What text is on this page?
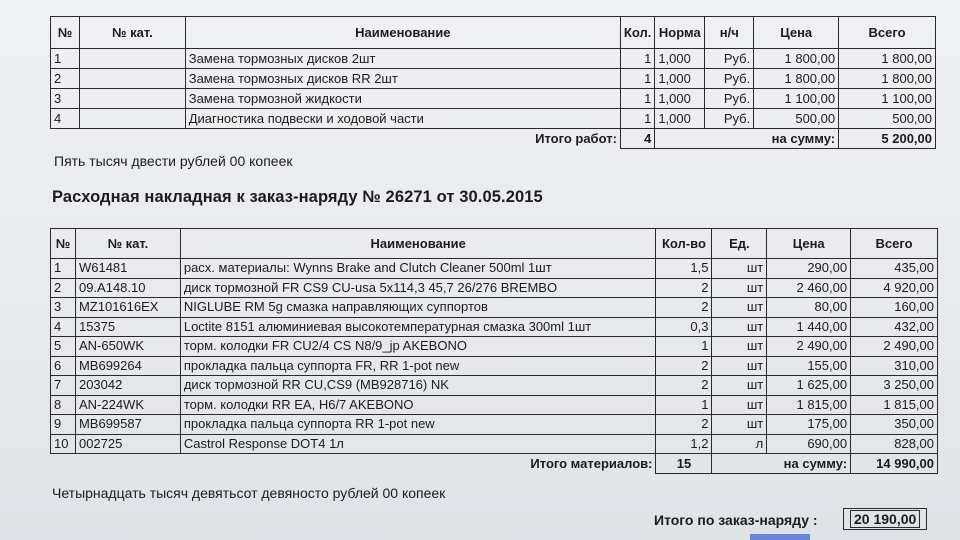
№	№ кат.	Наименование	Кол.	Норма	н/ч	Цена	Всего
1		Замена тормозных дисков 2шт	1	1,000	Руб.	1 800,00	1 800,00
2		Замена тормозных дисков RR 2шт	1	1,000	Руб.	1 800,00	1 800,00
3		Замена тормозной жидкости	1	1,000	Руб.	1 100,00	1 100,00
4		Диагностика подвески и ходовой части	1	1,000	Руб.	500,00	500,00
Итого работ:			4	на сумму:			5 200,00
Пять тысяч двести рублей 00 копеек
Расходная накладная к заказ-наряду № 26271 от 30.05.2015
№	№ кат.	Наименование	Кол-во	Ед.	Цена	Всего
1	W61481	расх. материалы: Wynns Brake and Clutch Cleaner 500ml 1шт	1,5	шт	290,00	435,00
2	09.A148.10	диск тормозной FR CS9 CU-usa 5x114,3 45,7 26/276 BREMBO	2	шт	2 460,00	4 920,00
3	MZ101616EX	NIGLUBE RM 5g смазка направляющих суппортов	2	шт	80,00	160,00
4	15375	Loctite 8151 алюминиевая высокотемпературная смазка 300ml 1шт	0,3	шт	1 440,00	432,00
5	AN-650WK	торм. колодки FR CU2/4 CS N8/9_jp AKEBONO	1	шт	2 490,00	2 490,00
6	MB699264	прокладка пальца суппорта FR, RR 1-pot new	2	шт	155,00	310,00
7	203042	диск тормозной RR CU,CS9 (MB928716) NK	2	шт	1 625,00	3 250,00
8	AN-224WK	торм. колодки RR EA, H6/7 AKEBONO	1	шт	1 815,00	1 815,00
9	MB699587	прокладка пальца суппорта RR 1-pot new	2	шт	175,00	350,00
10	002725	Castrol Response DOT4 1л	1,2	л	690,00	828,00
Итого материалов:			15	на сумму:		14 990,00
Четырнадцать тысяч девятьсот девяносто рублей 00 копеек
Итого по заказ-наряду :	20 190,00
